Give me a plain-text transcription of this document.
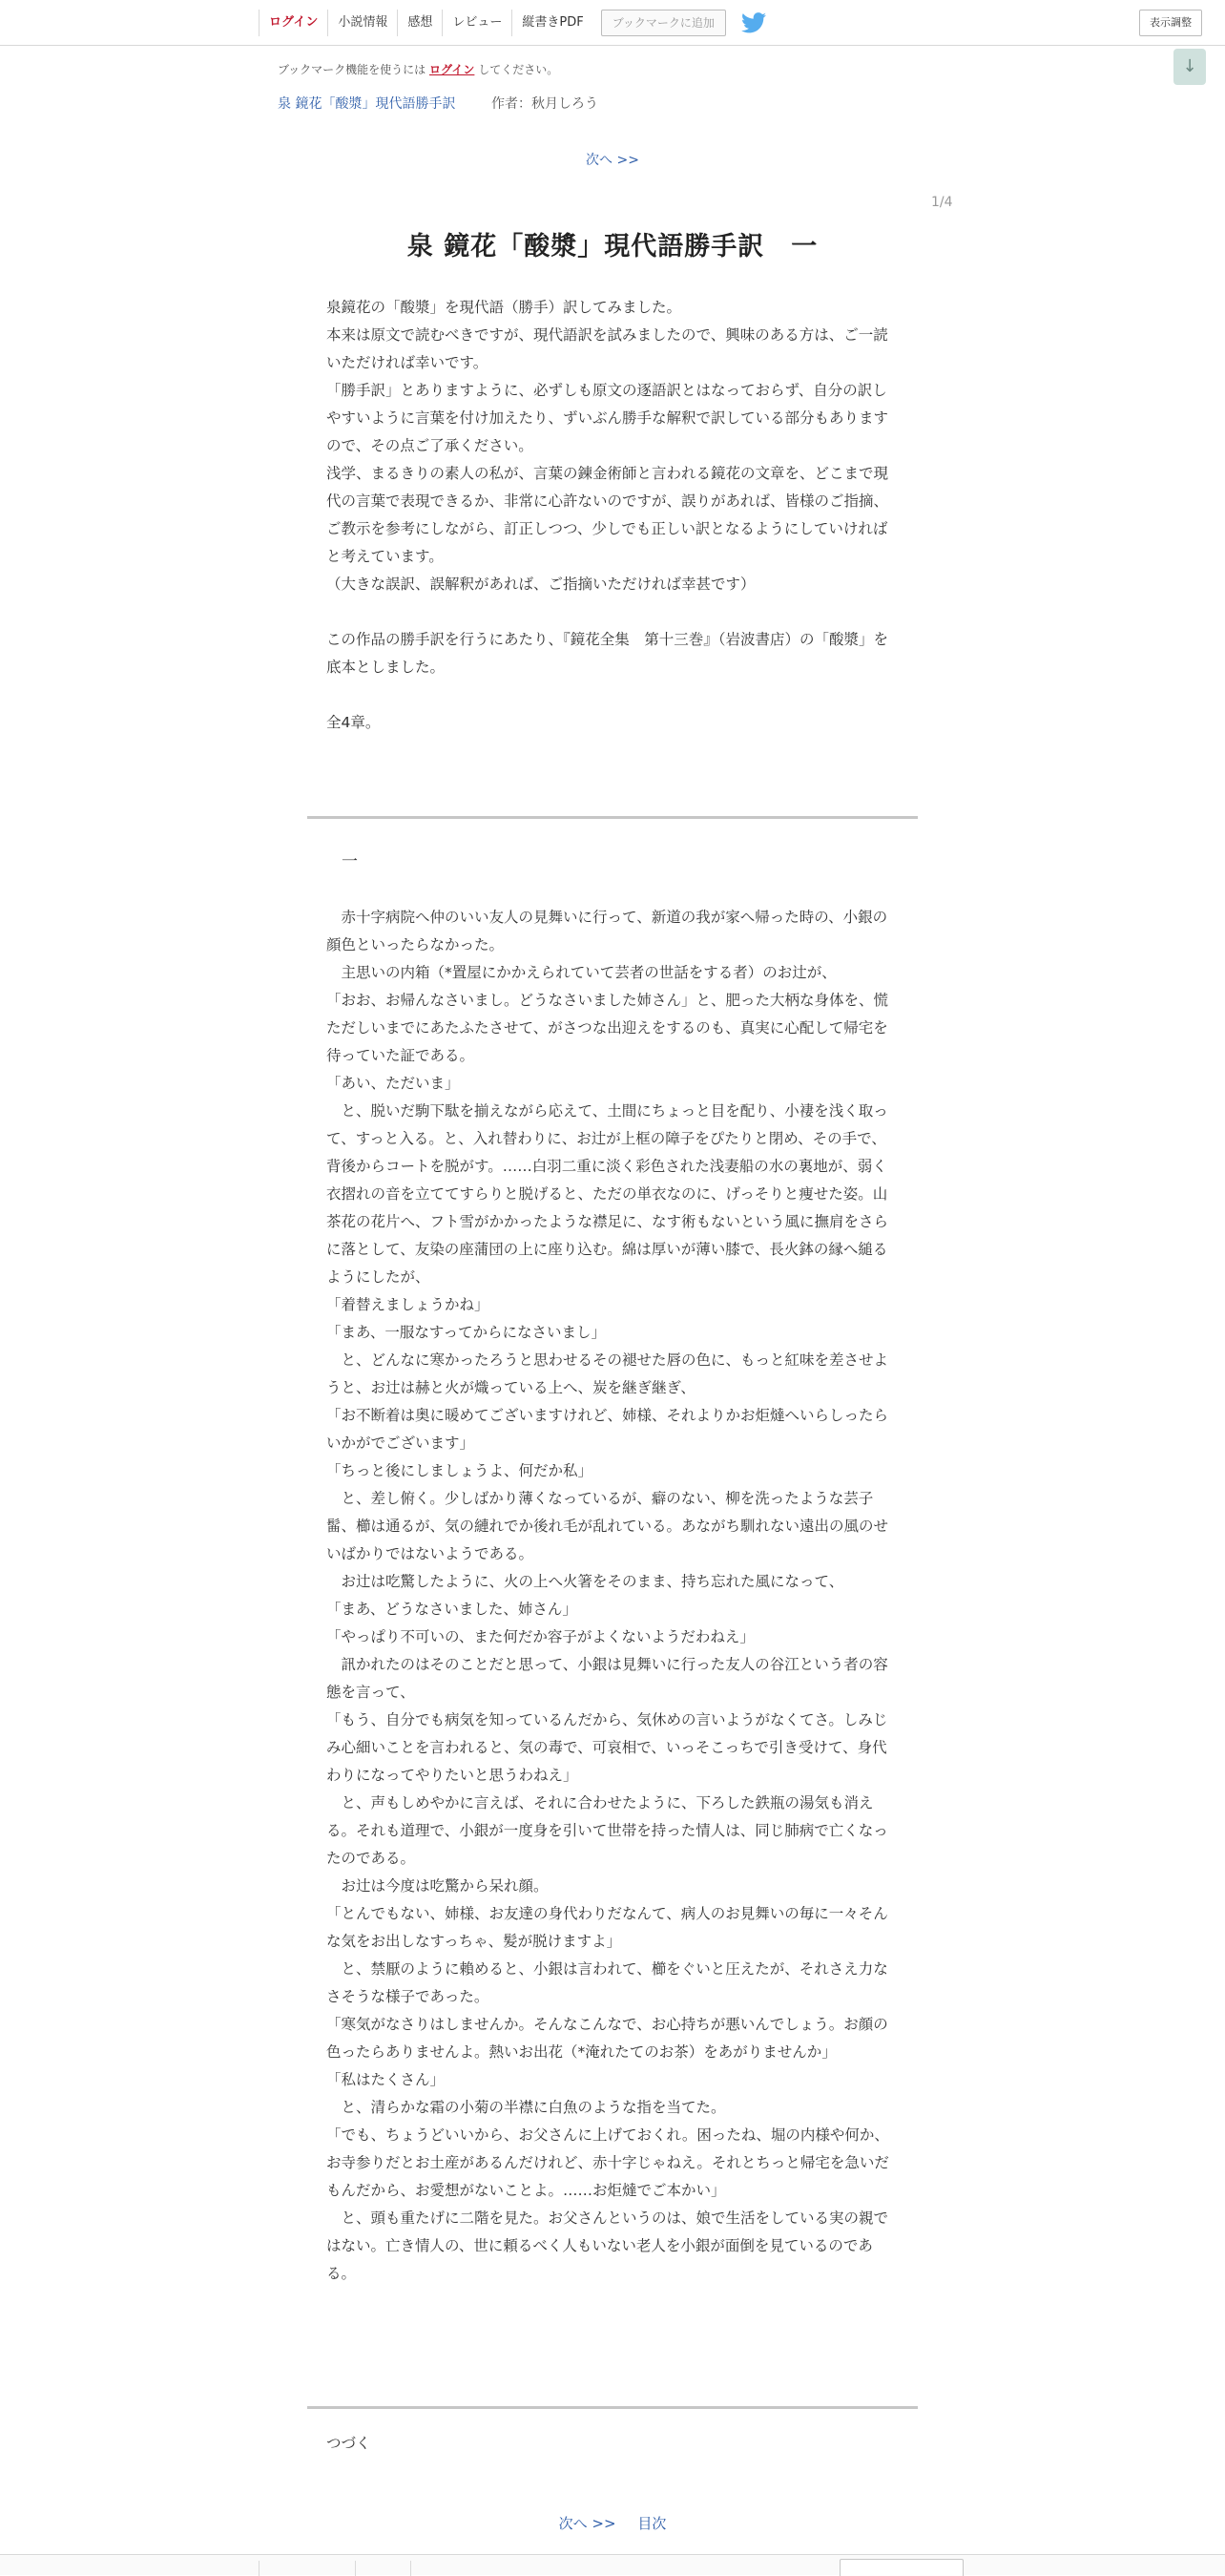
ログイン	小説情報	感想	レビュー	縦書きPDF	ブックマークに追加	表示調整
↓
ブックマーク機能を使うには ログイン してください。
泉 鏡花「酸漿」現代語勝手訳	作者：秋月しろう
次へ >>
1/4
泉 鏡花「酸漿」現代語勝手訳　一
泉鏡花の「酸漿」を現代語（勝手）訳してみました。
本来は原文で読むべきですが、現代語訳を試みましたので、興味のある方は、ご一読いただければ幸いです。
「勝手訳」とありますように、必ずしも原文の逐語訳とはなっておらず、自分の訳しやすいように言葉を付け加えたり、ずいぶん勝手な解釈で訳している部分もありますので、その点ご了承ください。
浅学、まるきりの素人の私が、言葉の錬金術師と言われる鏡花の文章を、どこまで現代の言葉で表現できるか、非常に心許ないのですが、誤りがあれば、皆様のご指摘、ご教示を参考にしながら、訂正しつつ、少しでも正しい訳となるようにしていければと考えています。
（大きな誤訳、誤解釈があれば、ご指摘いただければ幸甚です）
この作品の勝手訳を行うにあたり、『鏡花全集　第十三巻』（岩波書店）の「酸漿」を底本としました。
全4章。
一
赤十字病院へ仲のいい友人の見舞いに行って、新道の我が家へ帰った時の、小銀の顔色といったらなかった。
主思いの内箱（*置屋にかかえられていて芸者の世話をする者）のお辻が、
「おお、お帰んなさいまし。どうなさいました姉さん」と、肥った大柄な身体を、慌ただしいまでにあたふたさせて、がさつな出迎えをするのも、真実に心配して帰宅を待っていた証である。
「あい、ただいま」
と、脱いだ駒下駄を揃えながら応えて、土間にちょっと目を配り、小褄を浅く取って、すっと入る。と、入れ替わりに、お辻が上框の障子をぴたりと閉め、その手で、背後からコートを脱がす。……白羽二重に淡く彩色された浅妻船の水の裏地が、弱く衣摺れの音を立ててすらりと脱げると、ただの単衣なのに、げっそりと痩せた姿。山茶花の花片へ、フト雪がかかったような襟足に、なす術もないという風に撫肩をさらに落として、友染の座蒲団の上に座り込む。綿は厚いが薄い膝で、長火鉢の縁へ縋るようにしたが、
「着替えましょうかね」
「まあ、一服なすってからになさいまし」
と、どんなに寒かったろうと思わせるその褪せた唇の色に、もっと紅味を差させようと、お辻は赫と火が熾っている上へ、炭を継ぎ継ぎ、
「お不断着は奥に暖めてございますけれど、姉様、それよりかお炬燵へいらしったらいかがでございます」
「ちっと後にしましょうよ、何だか私」
と、差し俯く。少しばかり薄くなっているが、癖のない、柳を洗ったような芸子髷、櫛は通るが、気の縺れでか後れ毛が乱れている。あながち馴れない遠出の風のせいばかりではないようである。
お辻は吃驚したように、火の上へ火箸をそのまま、持ち忘れた風になって、
「まあ、どうなさいました、姉さん」
「やっぱり不可いの、また何だか容子がよくないようだわねえ」
訊かれたのはそのことだと思って、小銀は見舞いに行った友人の谷江という者の容態を言って、
「もう、自分でも病気を知っているんだから、気休めの言いようがなくてさ。しみじみ心細いことを言われると、気の毒で、可哀相で、いっそこっちで引き受けて、身代わりになってやりたいと思うわねえ」
と、声もしめやかに言えば、それに合わせたように、下ろした鉄瓶の湯気も消える。それも道理で、小銀が一度身を引いて世帯を持った情人は、同じ肺病で亡くなったのである。
お辻は今度は吃驚から呆れ顔。
「とんでもない、姉様、お友達の身代わりだなんて、病人のお見舞いの毎に一々そんな気をお出しなすっちゃ、髪が脱けますよ」
と、禁厭のように賴めると、小銀は言われて、櫛をぐいと圧えたが、それさえ力なさそうな様子であった。
「寒気がなさりはしませんか。そんなこんなで、お心持ちが悪いんでしょう。お顔の色ったらありませんよ。熱いお出花（*淹れたてのお茶）をあがりませんか」
「私はたくさん」
と、清らかな霜の小菊の半襟に白魚のような指を当てた。
「でも、ちょうどいいから、お父さんに上げておくれ。困ったね、堀の内様や何か、お寺参りだとお土産があるんだけれど、赤十字じゃねえ。それとちっと帰宅を急いだもんだから、お愛想がないことよ。……お炬燵でご本かい」
と、頭も重たげに二階を見た。お父さんというのは、娘で生活をしている実の親ではない。亡き情人の、世に頼るべく人もいない老人を小銀が面倒を見ているのである。
つづく
次へ >> 目次
